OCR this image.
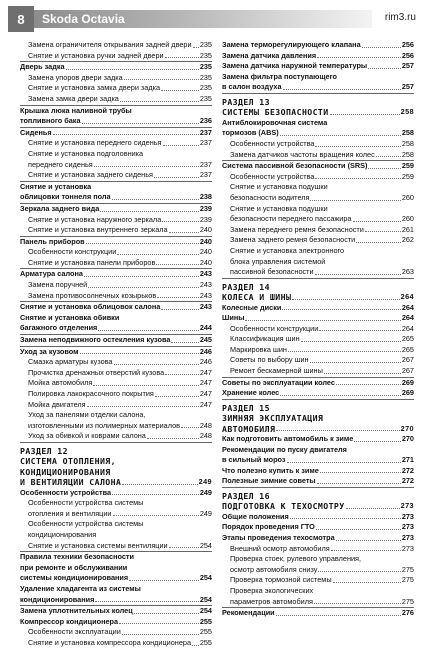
8	Skoda Octavia	rim3.ru
Замена ограничителя открывания задней двери 235
Снятие и установка ручки задней двери	235
Дверь задка	235
Замена упоров двери задка	235
Снятие и установка замка двери задка	235
Замена замка двери задка	235
Крышка люка наливной трубы
топливного бака	236
Сиденья	237
Снятие и установка переднего сиденья	237
Снятие и установка подголовника
переднего сиденья	237
Снятие и установка заднего сиденья	237
Снятие и установка
облицовки тоннеля пола	238
Зеркала заднего вида	239
Снятие и установка наружного зеркала	239
Снятие и установка внутреннего зеркала	240
Панель приборов	240
Особенности конструкции	240
Снятие и установка панели приборов	240
Арматура салона	243
Замена поручней	243
Замена противосолнечных козырьков	243
Снятие и установка облицовок салона	243
Снятие и установка обивки
багажного отделения	244
Замена неподвижного остекления кузова	245
Уход за кузовом	246
Смазка арматуры кузова	246
Прочистка дренажных отверстий кузова	247
Мойка автомобиля	247
Полировка лакокрасочного покрытия	247
Мойка двигателя	247
Уход за панелями отделки салона,
изготовленными из полимерных материалов	248
Уход за обивкой и коврами салона	248
РАЗДЕЛ 12
СИСТЕМА ОТОПЛЕНИЯ,
КОНДИЦИОНИРОВАНИЯ
И ВЕНТИЛЯЦИИ САЛОНА	249
Особенности устройства	249
Особенности устройства системы
отопления и вентиляции	249
Особенности устройства системы
кондиционирования
Снятие и установка системы вентиляции	254
Правила техники безопасности
при ремонте и обслуживании
системы кондиционирования	254
Удаление хладагента из системы
кондиционирования	254
Замена уплотнительных колец	254
Компрессор кондиционера	255
Особенности эксплуатации	255
Снятие и установка компрессора кондиционера 255
Замена терморегулирующего клапана	256
Замена датчика давления	256
Замена датчика наружной температуры	257
Замена фильтра поступающего
в салон воздуха	257
РАЗДЕЛ 13
СИСТЕМЫ БЕЗОПАСНОСТИ	258
Антиблокировочная система
тормозов (ABS)	258
Особенности устройства	258
Замена датчиков частоты вращения колес	258
Система пассивной безопасности (SRS)	259
Особенности устройства	259
Снятие и установка подушки
безопасности водителя	260
Снятие и установка подушки
безопасности переднего пассажира	260
Замена переднего ремня безопасности	261
Замена заднего ремня безопасности	262
Снятие и установка электронного
блока управления системой
пассивной безопасности	263
РАЗДЕЛ 14
КОЛЕСА И ШИНЫ	264
Колесные диски	264
Шины	264
Особенности конструкции	264
Классификация шин	265
Маркировка шин	265
Советы по выбору шин	267
Ремонт бескамерной шины	267
Советы по эксплуатации колес	269
Хранение колес	269
РАЗДЕЛ 15
ЗИМНЯЯ ЭКСПЛУАТАЦИЯ
АВТОМОБИЛЯ	270
Как подготовить автомобиль к зиме	270
Рекомендации по пуску двигателя
в сильный мороз	271
Что полезно купить к зиме	272
Полезные зимние советы	272
РАЗДЕЛ 16
ПОДГОТОВКА К ТЕХОСМОТРУ	273
Общие положения	273
Порядок проведения ГТО	273
Этапы проведения техосмотра	273
Внешний осмотр автомобиля	273
Проверка стоек, рулевого управления,
осмотр автомобиля снизу	275
Проверка тормозной системы	275
Проверка экологических
параметров автомобиля	275
Рекомендации	276
